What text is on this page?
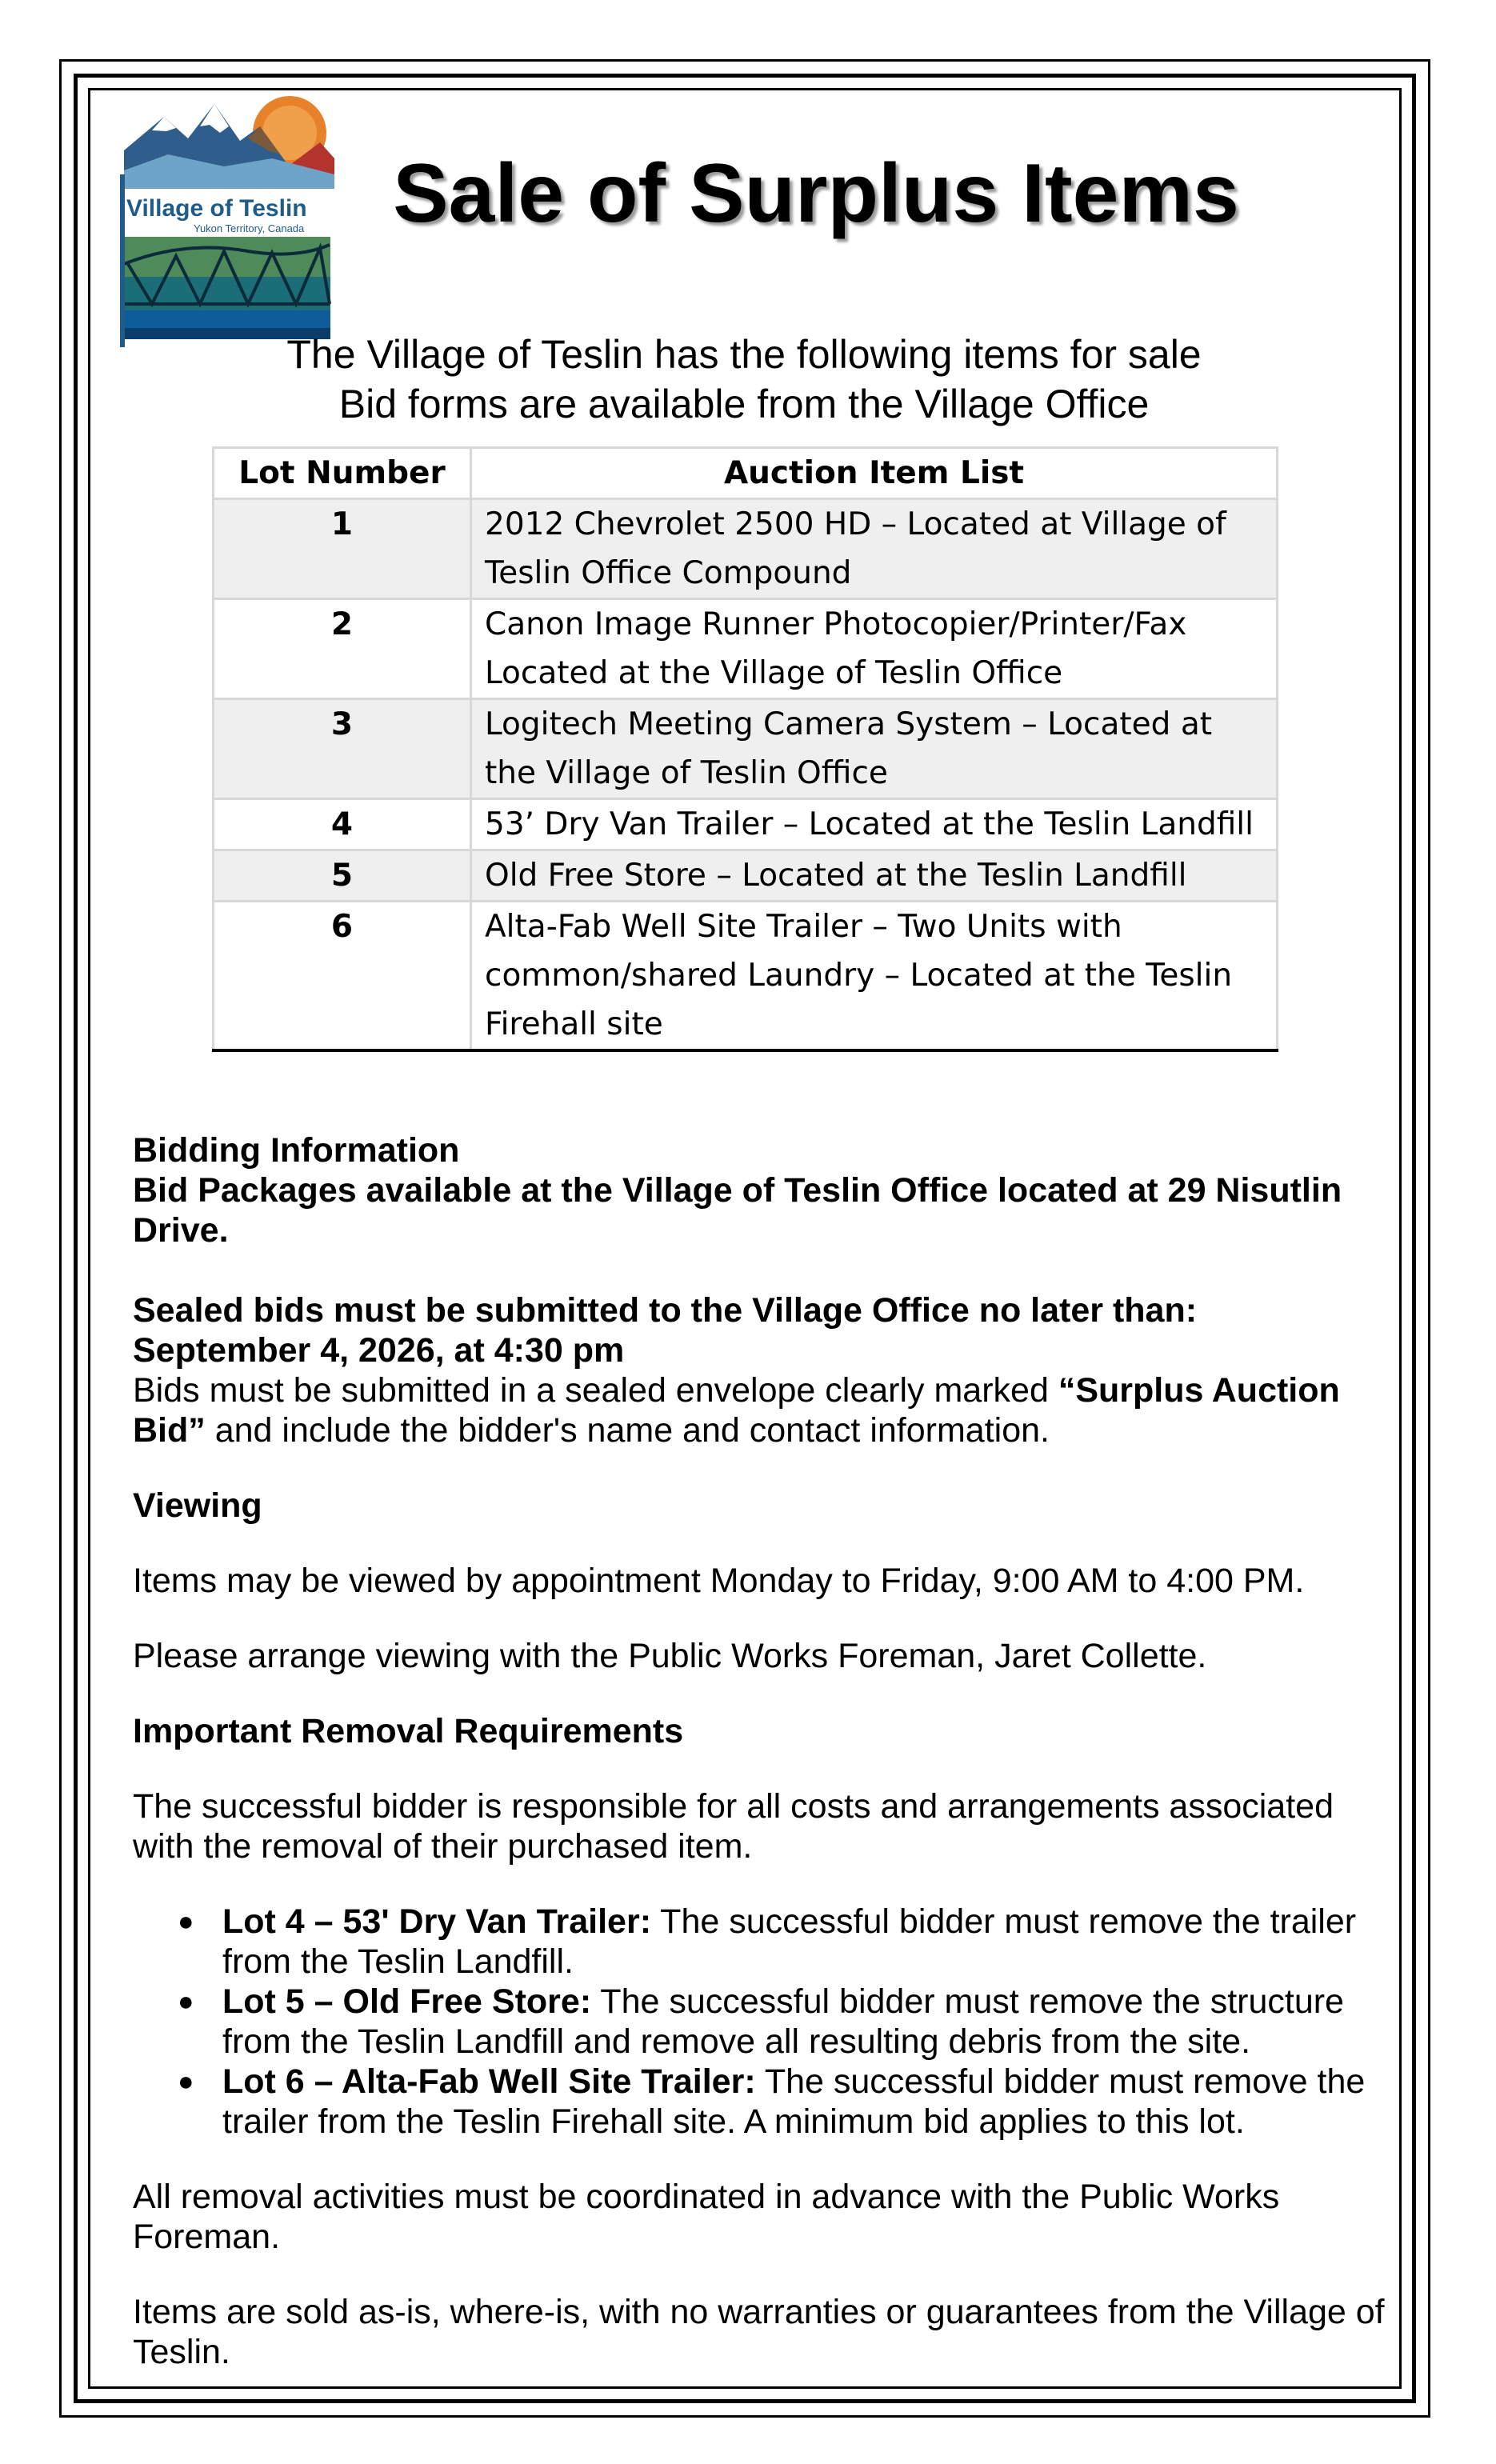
Village of Teslin
Yukon Territory, Canada	Sale of Surplus Items
The Village of Teslin has the following items for sale
Bid forms are available from the Village Office
Lot Number	Auction Item List
1	2012 Chevrolet 2500 HD – Located at Village of Teslin Office Compound
2	Canon Image Runner Photocopier/Printer/Fax Located at the Village of Teslin Office
3	Logitech Meeting Camera System – Located at the Village of Teslin Office
4	53’ Dry Van Trailer – Located at the Teslin Landfill
5	Old Free Store – Located at the Teslin Landfill
6	Alta-Fab Well Site Trailer – Two Units with common/shared Laundry – Located at the Teslin Firehall site

Bidding Information

Bid Packages available at the Village of Teslin Office located at 29 Nisutlin Drive.

Sealed bids must be submitted to the Village Office no later than:

September 4, 2026, at 4:30 pm

Bids must be submitted in a sealed envelope clearly marked “Surplus Auction Bid” and include the bidder's name and contact information.

Viewing

Items may be viewed by appointment Monday to Friday, 9:00 AM to 4:00 PM.

Please arrange viewing with the Public Works Foreman, Jaret Collette.

Important Removal Requirements

The successful bidder is responsible for all costs and arrangements associated with the removal of their purchased item.

● Lot 4 – 53' Dry Van Trailer: The successful bidder must remove the trailer from the Teslin Landfill.
● Lot 5 – Old Free Store: The successful bidder must remove the structure from the Teslin Landfill and remove all resulting debris from the site.
● Lot 6 – Alta-Fab Well Site Trailer: The successful bidder must remove the trailer from the Teslin Firehall site. A minimum bid applies to this lot.

All removal activities must be coordinated in advance with the Public Works Foreman.

Items are sold as-is, where-is, with no warranties or guarantees from the Village of Teslin.
